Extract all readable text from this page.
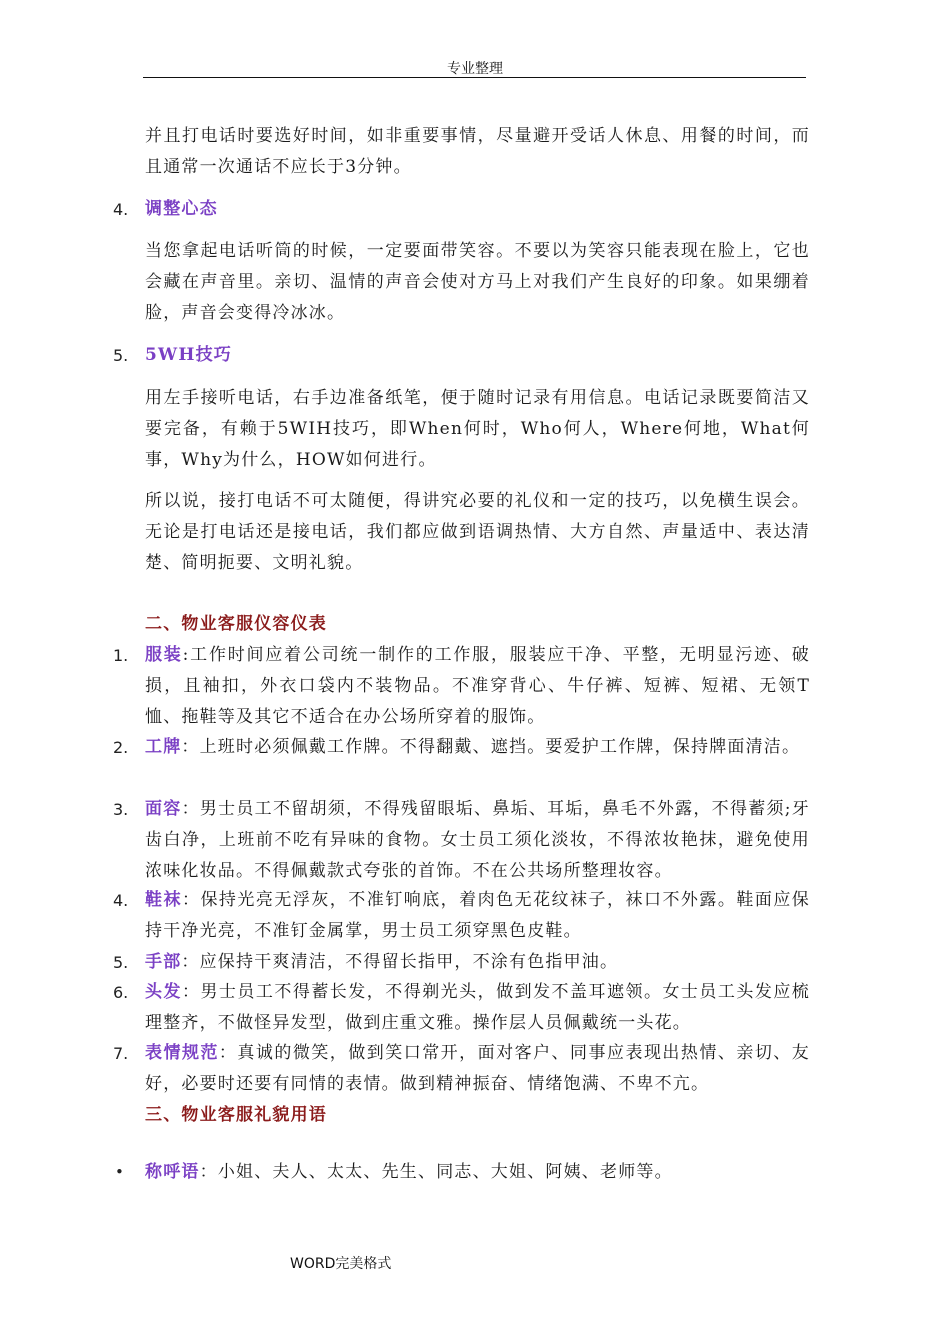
专业整理
并且打电话时要选好时间，如非重要事情，尽量避开受话人休息、用餐的时间，而且通常一次通话不应长于3分钟。
4. 调整心态
当您拿起电话听筒的时候，一定要面带笑容。不要以为笑容只能表现在脸上，它也会藏在声音里。亲切、温情的声音会使对方马上对我们产生良好的印象。如果绷着脸，声音会变得冷冰冰。
5. 5WH技巧
用左手接听电话，右手边准备纸笔，便于随时记录有用信息。电话记录既要简洁又要完备，有赖于5WIH技巧，即When何时，Who何人，Where何地，What何事，Why为什么，HOW如何进行。
所以说，接打电话不可太随便，得讲究必要的礼仪和一定的技巧，以免横生误会。无论是打电话还是接电话，我们都应做到语调热情、大方自然、声量适中、表达清楚、简明扼要、文明礼貌。
二、物业客服仪容仪表
1. 服装:工作时间应着公司统一制作的工作服，服装应干净、平整，无明显污迹、破损，且袖扣，外衣口袋内不装物品。不准穿背心、牛仔裤、短裤、短裙、无领T恤、拖鞋等及其它不适合在办公场所穿着的服饰。
2. 工牌：上班时必须佩戴工作牌。不得翻戴、遮挡。要爱护工作牌，保持牌面清洁。
3. 面容：男士员工不留胡须，不得残留眼垢、鼻垢、耳垢，鼻毛不外露，不得蓄须;牙齿白净，上班前不吃有异味的食物。女士员工须化淡妆，不得浓妆艳抹，避免使用浓味化妆品。不得佩戴款式夸张的首饰。不在公共场所整理妆容。
4. 鞋袜：保持光亮无浮灰，不准钉响底，着肉色无花纹袜子，袜口不外露。鞋面应保持干净光亮，不准钉金属掌，男士员工须穿黑色皮鞋。
5. 手部：应保持干爽清洁，不得留长指甲，不涂有色指甲油。
6. 头发：男士员工不得蓄长发，不得剃光头，做到发不盖耳遮领。女士员工头发应梳理整齐，不做怪异发型，做到庄重文雅。操作层人员佩戴统一头花。
7. 表情规范：真诚的微笑，做到笑口常开，面对客户、同事应表现出热情、亲切、友好，必要时还要有同情的表情。做到精神振奋、情绪饱满、不卑不亢。
三、物业客服礼貌用语
• 称呼语：小姐、夫人、太太、先生、同志、大姐、阿姨、老师等。
WORD完美格式
